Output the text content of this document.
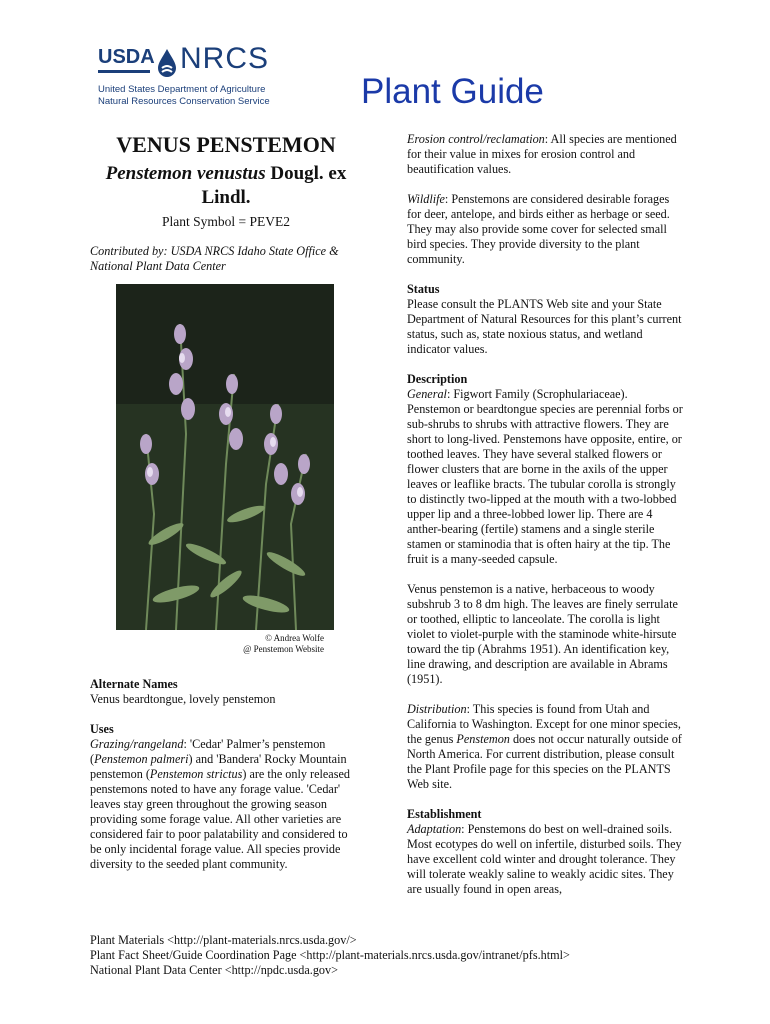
USDA NRCS
United States Department of Agriculture
Natural Resources Conservation Service	Plant Guide

VENUS PENSTEMON

Penstemon venustus Dougl. ex Lindl.

Plant Symbol = PEVE2

Contributed by: USDA NRCS Idaho State Office & National Plant Data Center
© Andrea Wolfe
@ Penstemon Website
Alternate Names
Venus beardtongue, lovely penstemon
Uses
Grazing/rangeland: 'Cedar' Palmer’s penstemon (Penstemon palmeri) and 'Bandera' Rocky Mountain penstemon (Penstemon strictus) are the only released penstemons noted to have any forage value. 'Cedar' leaves stay green throughout the growing season providing some forage value. All other varieties are considered fair to poor palatability and considered to be only incidental forage value. All species provide diversity to the seeded plant community.
Erosion control/reclamation: All species are mentioned for their value in mixes for erosion control and beautification values.
Wildlife: Penstemons are considered desirable forages for deer, antelope, and birds either as herbage or seed. They may also provide some cover for selected small bird species. They provide diversity to the plant community.
Status
Please consult the PLANTS Web site and your State Department of Natural Resources for this plant’s current status, such as, state noxious status, and wetland indicator values.
Description
General: Figwort Family (Scrophulariaceae). Penstemon or beardtongue species are perennial forbs or sub-shrubs to shrubs with attractive flowers. They are short to long-lived. Penstemons have opposite, entire, or toothed leaves. They have several stalked flowers or flower clusters that are borne in the axils of the upper leaves or leaflike bracts. The tubular corolla is strongly to distinctly two-lipped at the mouth with a two-lobbed upper lip and a three-lobbed lower lip. There are 4 anther-bearing (fertile) stamens and a single sterile stamen or staminodia that is often hairy at the tip. The fruit is a many-seeded capsule.
Venus penstemon is a native, herbaceous to woody subshrub 3 to 8 dm high. The leaves are finely serrulate or toothed, elliptic to lanceolate. The corolla is light violet to violet-purple with the staminode white-hirsute toward the tip (Abrahms 1951). An identification key, line drawing, and description are available in Abrams (1951).
Distribution: This species is found from Utah and California to Washington. Except for one minor species, the genus Penstemon does not occur naturally outside of North America. For current distribution, please consult the Plant Profile page for this species on the PLANTS Web site.
Establishment
Adaptation: Penstemons do best on well-drained soils. Most ecotypes do well on infertile, disturbed soils. They have excellent cold winter and drought tolerance. They will tolerate weakly saline to weakly acidic sites. They are usually found in open areas,
Plant Materials <http://plant-materials.nrcs.usda.gov/>
Plant Fact Sheet/Guide Coordination Page <http://plant-materials.nrcs.usda.gov/intranet/pfs.html>
National Plant Data Center <http://npdc.usda.gov>
